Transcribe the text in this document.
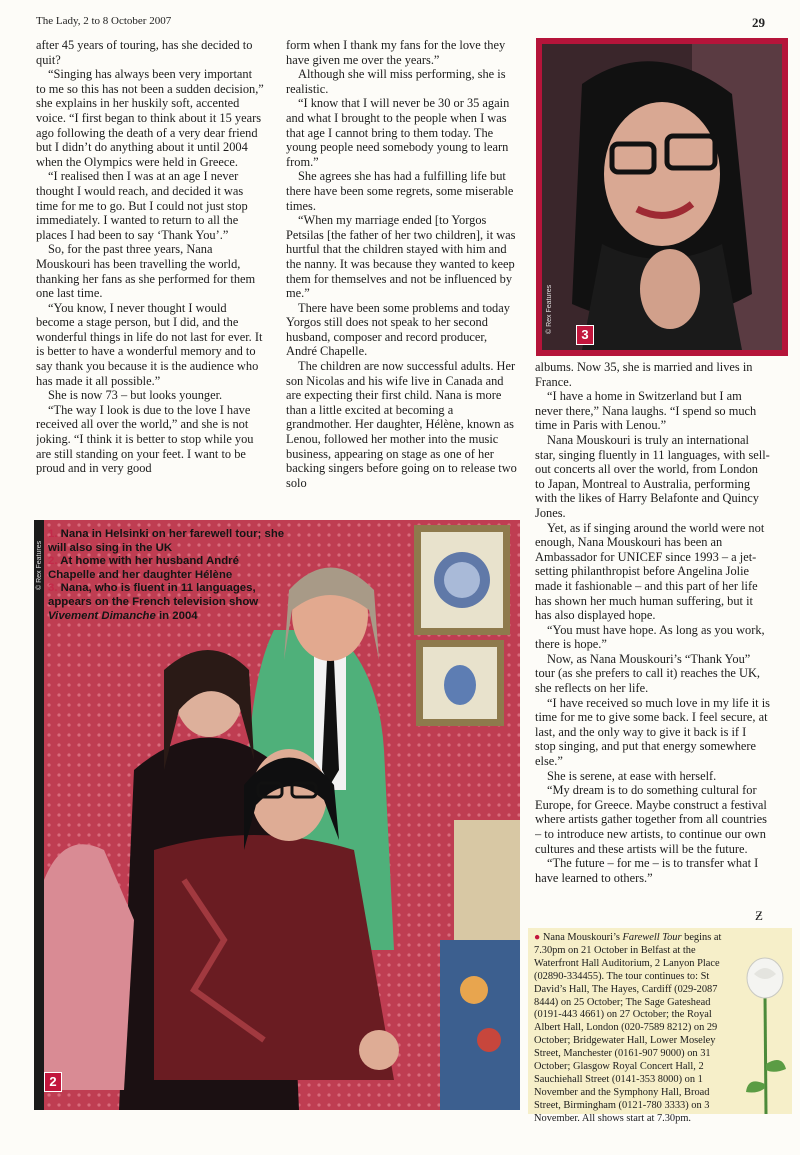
The Lady, 2 to 8 October 2007	29

after 45 years of touring, has she decided to quit?

“Singing has always been very important to me so this has not been a sudden decision,” she explains in her huskily soft, accented voice. “I first began to think about it 15 years ago following the death of a very dear friend but I didn’t do anything about it until 2004 when the Olympics were held in Greece.

“I realised then I was at an age I never thought I would reach, and decided it was time for me to go. But I could not just stop immediately. I wanted to return to all the places I had been to say ‘Thank You’.”

So, for the past three years, Nana Mouskouri has been travelling the world, thanking her fans as she performed for them one last time.

“You know, I never thought I would become a stage person, but I did, and the wonderful things in life do not last for ever. It is better to have a wonderful memory and to say thank you because it is the audience who has made it all possible.”

She is now 73 – but looks younger.

“The way I look is due to the love I have received all over the world,” and she is not joking. “I think it is better to stop while you are still standing on your feet. I want to be proud and in very good

form when I thank my fans for the love they have given me over the years.”

Although she will miss performing, she is realistic.

“I know that I will never be 30 or 35 again and what I brought to the people when I was that age I cannot bring to them today. The young people need somebody young to learn from.”

She agrees she has had a fulfilling life but there have been some regrets, some miserable times.

“When my marriage ended [to Yorgos Petsilas [the father of her two children], it was hurtful that the children stayed with him and the nanny. It was because they wanted to keep them for themselves and not be influenced by me.”

There have been some problems and today Yorgos still does not speak to her second husband, composer and record producer, André Chapelle.

The children are now successful adults. Her son Nicolas and his wife live in Canada and are expecting their first child. Nana is more than a little excited at becoming a grandmother. Her daughter, Hélène, known as Lenou, followed her mother into the music business, appearing on stage as one of her backing singers before going on to release two solo

© Rex Features
3

albums. Now 35, she is married and lives in France.

“I have a home in Switzerland but I am never there,” Nana laughs. “I spend so much time in Paris with Lenou.”

Nana Mouskouri is truly an international star, singing fluently in 11 languages, with sell-out concerts all over the world, from London to Japan, Montreal to Australia, performing with the likes of Harry Belafonte and Quincy Jones.

Yet, as if singing around the world were not enough, Nana Mouskouri has been an Ambassador for UNICEF since 1993 – a jet-setting philanthropist before Angelina Jolie made it fashionable – and this part of her life has shown her much human suffering, but it has also displayed hope.

“You must have hope. As long as you work, there is hope.”

Now, as Nana Mouskouri’s “Thank You” tour (as she prefers to call it) reaches the UK, she reflects on her life.

“I have received so much love in my life it is time for me to give some back. I feel secure, at last, and the only way to give it back is if I stop singing, and put that energy somewhere else.”

She is serene, at ease with herself.

“My dream is to do something cultural for Europe, for Greece. Maybe construct a festival where artists gather together from all countries – to introduce new artists, to continue our own cultures and these artists will be the future.

“The future – for me – is to transfer what I have learned to others.”

Ƶ
© Rex Features
2
1. Nana in Helsinki on her farewell tour; she will also sing in the UK
2. At home with her husband André Chapelle and her daughter Hélène
3. Nana, who is fluent in 11 languages, appears on the French television show Vivement Dimanche in 2004

● Nana Mouskouri’s Farewell Tour begins at 7.30pm on 21 October in Belfast at the Waterfront Hall Auditorium, 2 Lanyon Place (02890-334455). The tour continues to: St David’s Hall, The Hayes, Cardiff (029-2087 8444) on 25 October; The Sage Gateshead (0191-443 4661) on 27 October; the Royal Albert Hall, London (020-7589 8212) on 29 October; Bridgewater Hall, Lower Moseley Street, Manchester (0161-907 9000) on 31 October; Glasgow Royal Concert Hall, 2 Sauchiehall Street (0141-353 8000) on 1 November and the Symphony Hall, Broad Street, Birmingham (0121-780 3333) on 3 November. All shows start at 7.30pm.
